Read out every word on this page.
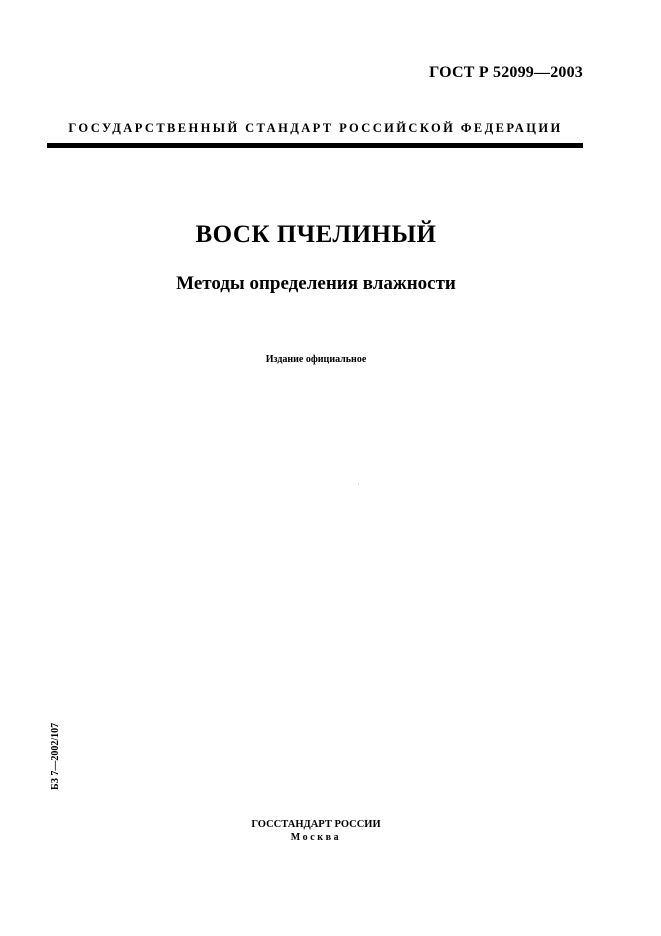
ГОСТ Р 52099—2003
ГОСУДАРСТВЕННЫЙ СТАНДАРТ РОССИЙСКОЙ ФЕДЕРАЦИИ
ВОСК ПЧЕЛИНЫЙ
Методы определения влажности
Издание официальное
БЗ 7—2002/107
ГОССТАНДАРТ РОССИИ
Москва
